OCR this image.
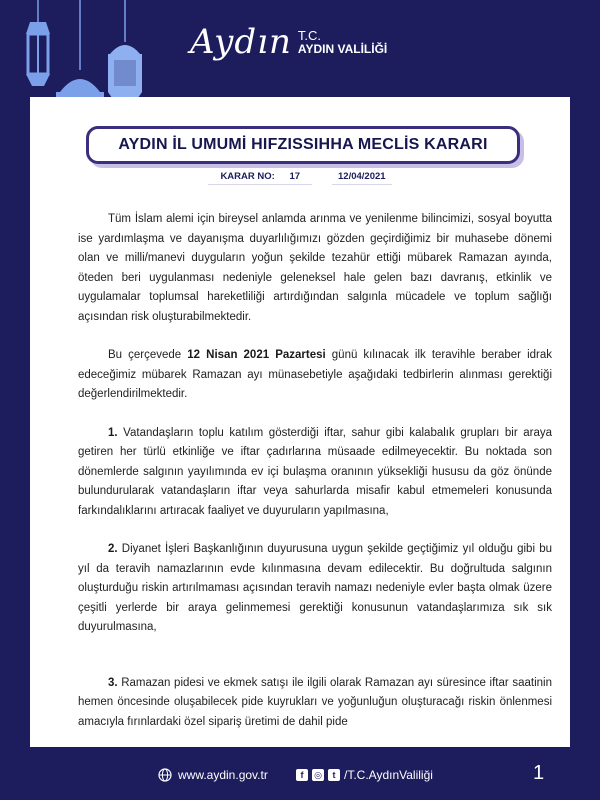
Aydın T.C.
AYDIN VALİLİĞİ
AYDIN İL UMUMİ HIFZISSIHHA MECLİS KARARI
KARAR NO: 17	12/04/2021

Tüm İslam alemi için bireysel anlamda arınma ve yenilenme bilincimizi, sosyal boyutta ise yardımlaşma ve dayanışma duyarlılığımızı gözden geçirdiğimiz bir muhasebe dönemi olan ve milli/manevi duyguların yoğun şekilde tezahür ettiği mübarek Ramazan ayında, öteden beri uygulanması nedeniyle geleneksel hale gelen bazı davranış, etkinlik ve uygulamalar toplumsal hareketliliği artırdığından salgınla mücadele ve toplum sağlığı açısından risk oluşturabilmektedir.

Bu çerçevede 12 Nisan 2021 Pazartesi günü kılınacak ilk teravihle beraber idrak edeceğimiz mübarek Ramazan ayı münasebetiyle aşağıdaki tedbirlerin alınması gerektiği değerlendirilmektedir.

1. Vatandaşların toplu katılım gösterdiği iftar, sahur gibi kalabalık grupları bir araya getiren her türlü etkinliğe ve iftar çadırlarına müsaade edilmeyecektir. Bu noktada son dönemlerde salgının yayılımında ev içi bulaşma oranının yüksekliği hususu da göz önünde bulundurularak vatandaşların iftar veya sahurlarda misafir kabul etmemeleri konusunda farkındalıklarını artıracak faaliyet ve duyuruların yapılmasına,

2. Diyanet İşleri Başkanlığının duyurusuna uygun şekilde geçtiğimiz yıl olduğu gibi bu yıl da teravih namazlarının evde kılınmasına devam edilecektir. Bu doğrultuda salgının oluşturduğu riskin artırılmaması açısından teravih namazı nedeniyle evler başta olmak üzere çeşitli yerlerde bir araya gelinmemesi gerektiği konusunun vatandaşlarımıza sık sık duyurulmasına,

3. Ramazan pidesi ve ekmek satışı ile ilgili olarak Ramazan ayı süresince iftar saatinin hemen öncesinde oluşabilecek pide kuyrukları ve yoğunluğun oluşturacağı riskin önlenmesi amacıyla fırınlardaki özel sipariş üretimi de dahil pide

www.aydin.gov.tr	f	◎	t /T.C.AydınValiliği	1
